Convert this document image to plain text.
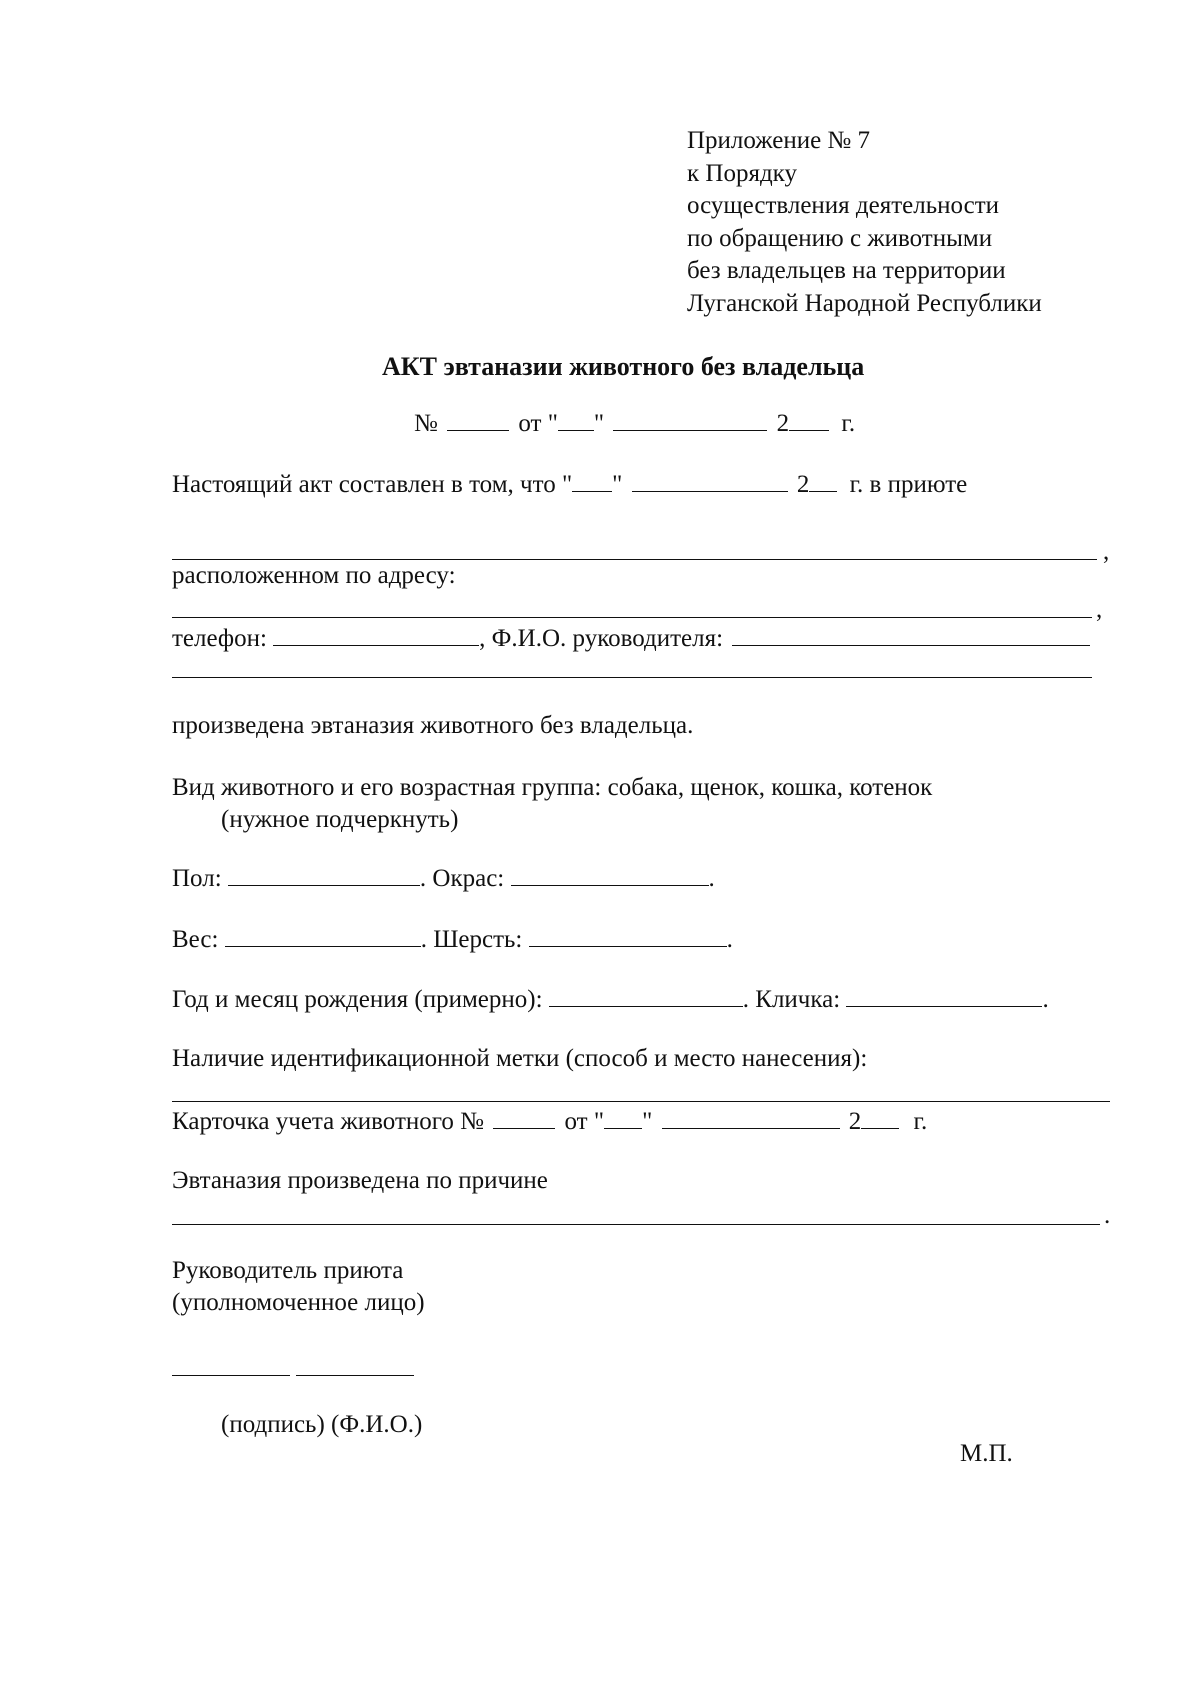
Приложение № 7
к Порядку
осуществления деятельности
по обращению с животными
без владельцев на территории
Луганской Народной Республики
АКТ эвтаназии животного без владельца
№	от " "	2 г.
Настоящий акт составлен в том, что " "	2 г. в приюте
,
расположенном по адресу:
,
телефон:	, Ф.И.О. руководителя:
произведена эвтаназия животного без владельца.
Вид животного и его возрастная группа: собака, щенок, кошка, котенок
(нужное подчеркнуть)
Пол:	. Окрас:	.
Вес:	. Шерсть:	.
Год и месяц рождения (примерно):	. Кличка:	.
Наличие идентификационной метки (способ и место нанесения):
Карточка учета животного №	от " "	2 г.
Эвтаназия произведена по причине
.
Руководитель приюта
(уполномоченное лицо)
(подпись) (Ф.И.О.)
М.П.
